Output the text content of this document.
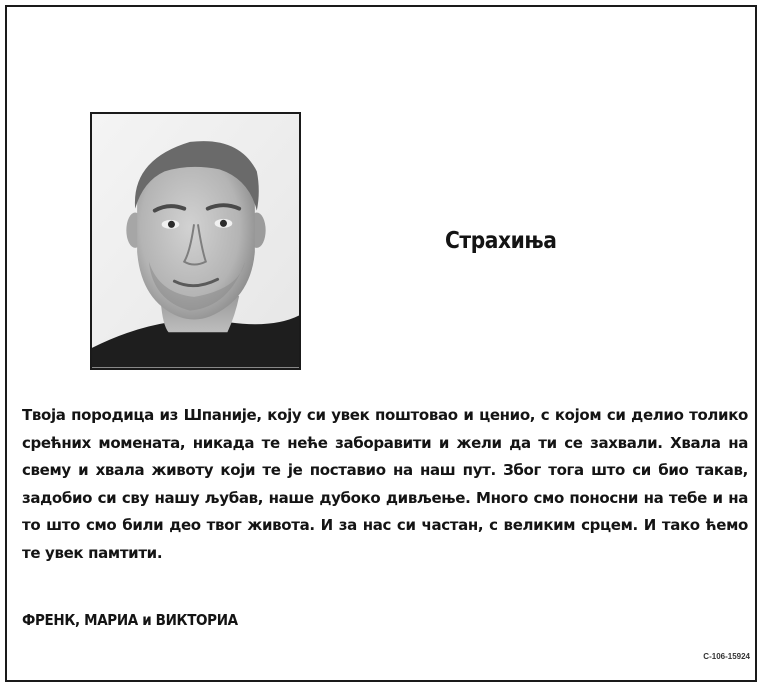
Страхиња

Твоја породица из Шпаније, коју си увек поштовао и ценио, с којом си делио толико срећних момената, никада те неће заборавити и жели да ти се захвали. Хвала на свему и хвала животу који те је поставио на наш пут. Због тога што си био такав, задобио си сву нашу љубав, наше дубоко дивљење. Много смо поносни на тебе и на то што смо били део твог живота. И за нас си частан, с великим срцем. И тако ћемо те увек памтити.

ФРЕНК, МАРИА и ВИКТОРИА
С-106-15924
